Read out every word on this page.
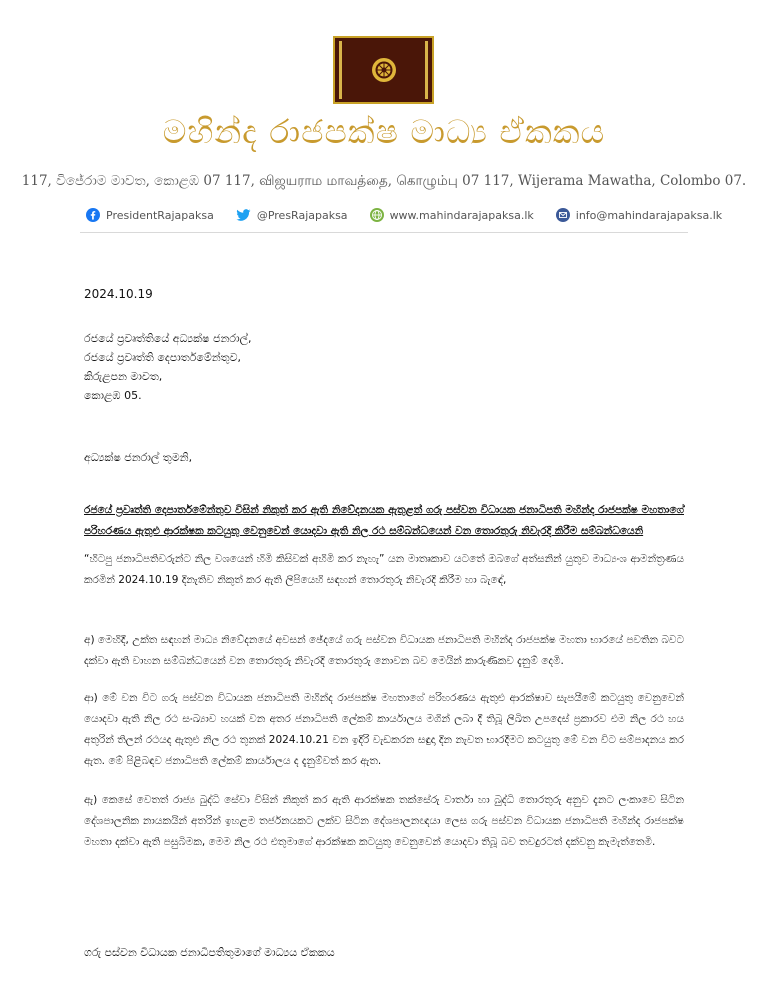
මහින්ද රාජපක්ෂ මාධ්‍ය ඒකකය
117, විජේරාම මාවත, කොළඹ 07 117, விஜயராம மாவத்தை, கொழும்பு 07 117, Wijerama Mawatha, Colombo 07.
PresidentRajapaksa	@PresRajapaksa	www.mahindarajapaksa.lk	info@mahindarajapaksa.lk
2024.10.19
රජයේ ප්‍රවෘත්තියේ අධ්‍යක්ෂ ජනරාල්,
රජයේ ප්‍රවෘත්ති දෙපාර්තමේන්තුව,
කිරුළපන මාවත,
කොළඹ 05.
අධ්‍යක්ෂ ජනරාල් තුමනි,

රජයේ ප්‍රවෘත්ති දෙපාර්තමේන්තුව විසින් නිකුත් කර ඇති නිවේදනයක ඇතුළත් ගරු පස්වන විධායක ජනාධිපති මහින්ද රාජපක්ෂ මහතාගේ පරිහරණය ඇතුළු ආරක්ෂක කටයුතු වෙනුවෙන් යොදවා ඇති නිල රථ සම්බන්ධයෙන් වන තොරතුරු නිවැරදි කිරීම සම්බන්ධයෙනි

“හිටපු ජනාධිපතිවරුන්ට නිල වශයෙන් හිමි කිසිවක් අහිමි කර නැහැ” යන මාතෘකාව යටතේ ඔබගේ අත්සනින් යුතුව මාධ්‍යංශ ආමන්ත්‍රණය කරමින් 2024.10.19 දිනැතිව නිකුත් කර ඇති ලිපියෙහි සඳහන් තොරතුරු නිවැරදි කිරීම හා බැඳේ,

අ) මෙහිදී, උක්ත සඳහන් මාධ්‍ය නිවේදනයේ අවසන් ඡේදයේ ගරු පස්වන විධායක ජනාධිපති මහින්ද රාජපක්ෂ මහතා භාරයේ පවතින බවට දක්වා ඇති වාහන සම්බන්ධයෙන් වන තොරතුරු නිවැරදි තොරතුරු නොවන බව මෙයින් කාරුණිකව දැනුම් දෙමි.

ආ) මේ වන විට ගරු පස්වන විධායක ජනාධිපති මහින්ද රාජපක්ෂ මහතාගේ පරිහරණය ඇතුළු ආරක්ෂාව සැපයීමේ කටයුතු වෙනුවෙන් යොදවා ඇති නිල රථ සංඛ්‍යාව හයක් වන අතර ජනාධිපති ලේකම් කාර්යාලය මගින් ලබා දී තිබූ ලිඛිත උපදෙස් ප්‍රකාරව එම නිල රථ හය අතුරින් තිලන් රථයද ඇතුළු නිල රථ තුනක් 2024.10.21 වන ඉදිරි වැඩකරන සඳුදා දින නැවත භාරදීමට කටයුතු මේ වන විට සම්පාදනය කර ඇත. මේ පිළිබඳව ජනාධිපති ලේකම් කාර්යාලය ද දැනුම්වත් කර ඇත.

ඇ) කෙසේ වෙතත් රාජ්‍ය බුද්ධි සේවා විසින් නිකුත් කර ඇති ආරක්ෂක තක්සේරු වාර්තා හා බුද්ධි තොරතුරු අනුව දැනට ලංකාවෙ සිටින දේශපාලනික නායකයින් අතරින් ඉහළම තර්ජනයකට ලක්ව සිටින දේශපාලනඥයා ලෙස ගරු පස්වන විධායක ජනාධිපති මහින්ද රාජපක්ෂ මහතා දක්වා ඇති පසුබිමක, මෙම නිල රථ එතුමාගේ ආරක්ෂක කටයුතු වෙනුවෙන් යොදවා තිබූ බව තවදුරටත් දක්වනු කැමැත්තෙමි.

ගරු පස්වන විධායක ජනාධිපතිතුමාගේ මාධ්‍යය ඒකකය
